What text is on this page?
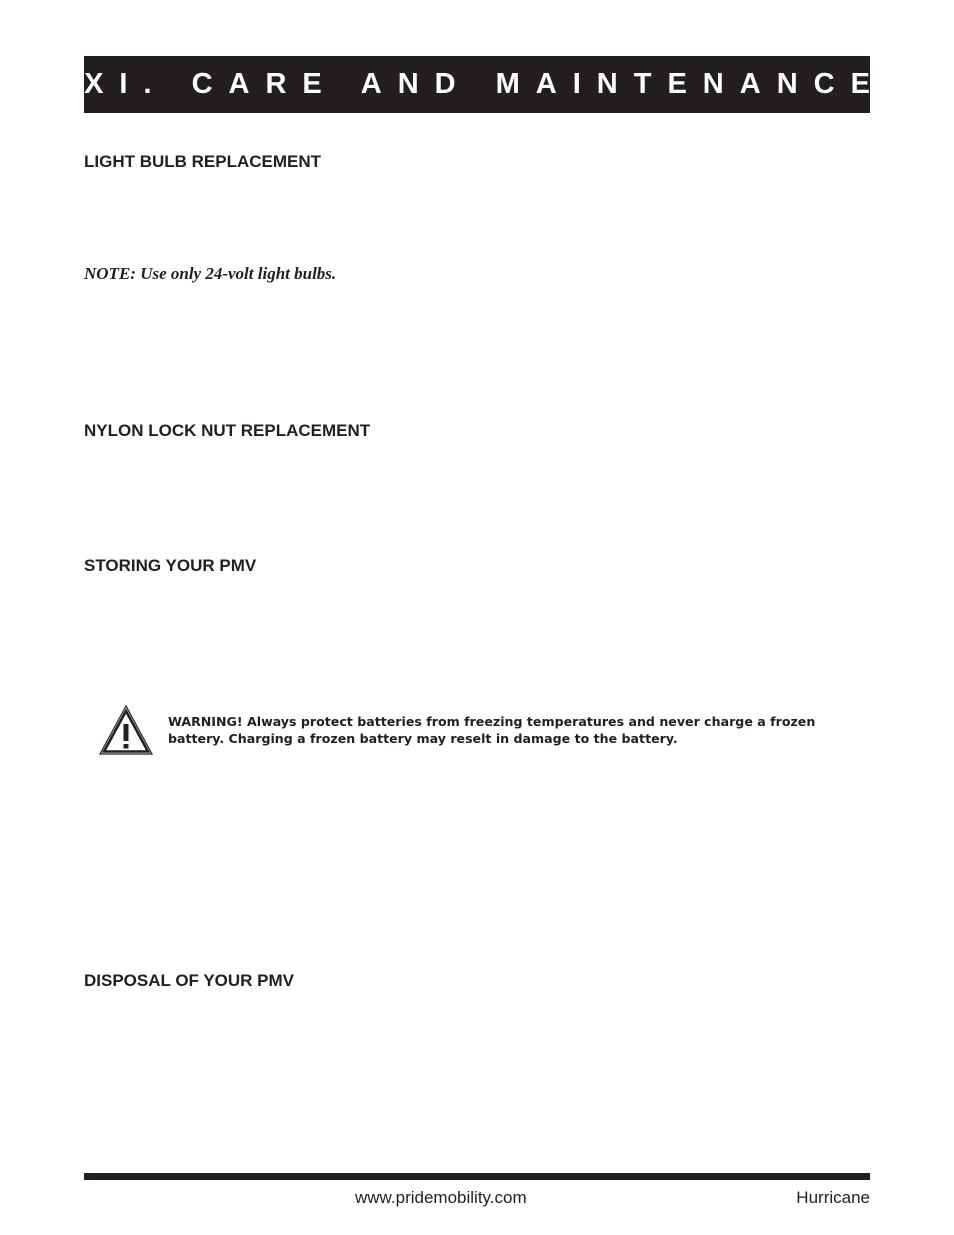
XI. CARE AND MAINTENANCE
LIGHT BULB REPLACEMENT
NOTE: Use only 24-volt light bulbs.
NYLON LOCK NUT REPLACEMENT
STORING YOUR PMV
WARNING! Always protect batteries from freezing temperatures and never charge a frozen battery. Charging a frozen battery may reselt in damage to the battery.
DISPOSAL OF YOUR PMV
www.pridemobility.com	Hurricane
